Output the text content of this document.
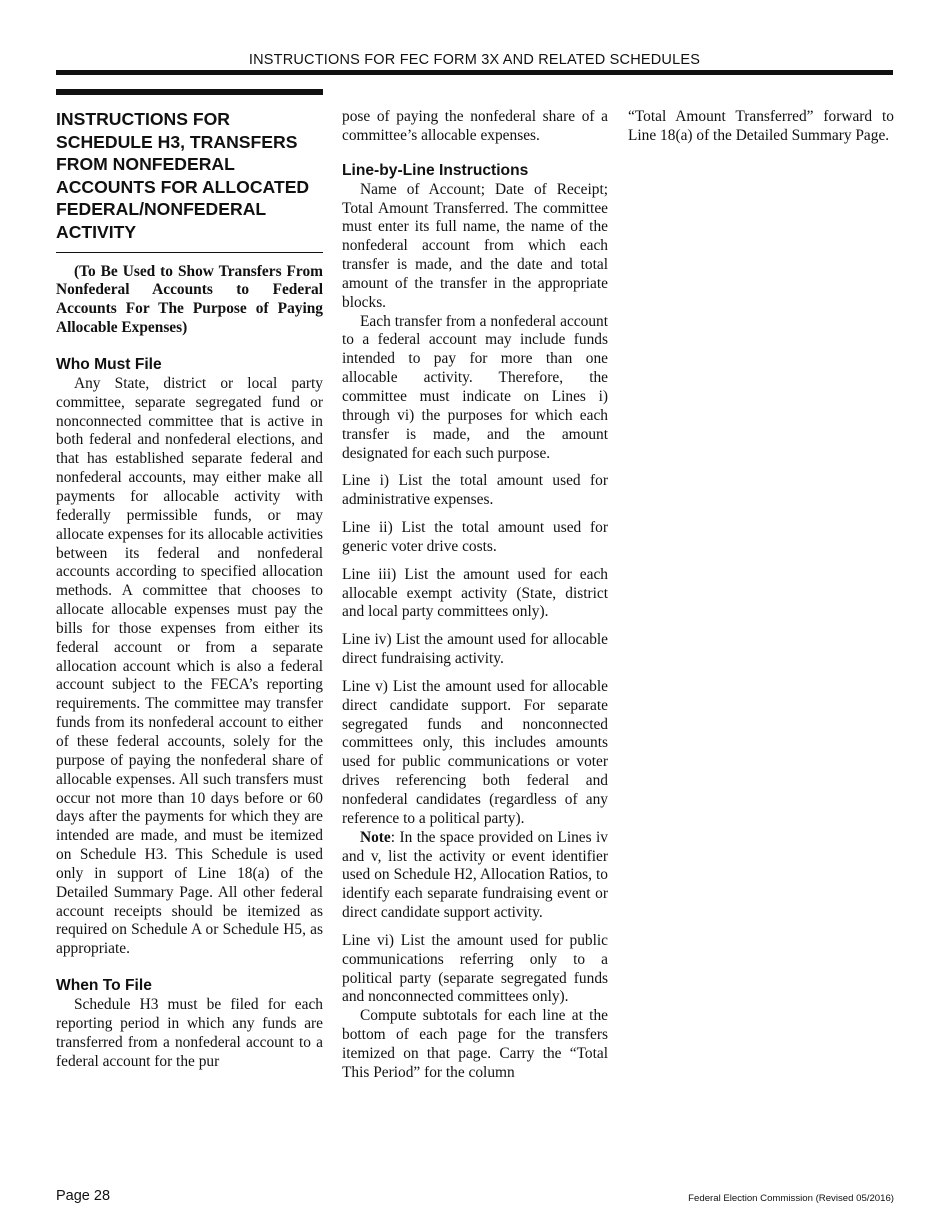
INSTRUCTIONS FOR FEC FORM 3X AND RELATED SCHEDULES
INSTRUCTIONS FOR SCHEDULE H3, TRANSFERS FROM NONFEDERAL ACCOUNTS FOR ALLOCATED FEDERAL/NONFEDERAL ACTIVITY

(To Be Used to Show Transfers From Nonfederal Accounts to Federal Accounts For The Purpose of Paying Allocable Expenses)

Who Must File

Any State, district or local party committee, separate segregated fund or nonconnected committee that is active in both federal and nonfederal elections, and that has established separate federal and nonfederal accounts, may either make all payments for allocable activity with federally permissible funds, or may allocate expenses for its allocable activities between its federal and nonfederal accounts according to specified allocation methods. A committee that chooses to allocate allocable expenses must pay the bills for those expenses from either its federal account or from a separate allocation account which is also a federal account subject to the FECA’s reporting requirements. The committee may transfer funds from its nonfederal account to either of these federal accounts, solely for the purpose of paying the nonfederal share of allocable expenses. All such transfers must occur not more than 10 days before or 60 days after the payments for which they are intended are made, and must be itemized on Schedule H3. This Schedule is used only in support of Line 18(a) of the Detailed Summary Page. All other federal account receipts should be itemized as required on Schedule A or Schedule H5, as appropriate.

When To File

Schedule H3 must be filed for each reporting period in which any funds are transferred from a nonfederal account to a federal account for the pur

pose of paying the nonfederal share of a committee’s allocable expenses.

Line-by-Line Instructions

Name of Account; Date of Receipt; Total Amount Transferred. The committee must enter its full name, the name of the nonfederal account from which each transfer is made, and the date and total amount of the transfer in the appropriate blocks.

Each transfer from a nonfederal account to a federal account may include funds intended to pay for more than one allocable activity. Therefore, the committee must indicate on Lines i) through vi) the purposes for which each transfer is made, and the amount designated for each such purpose.

Line i) List the total amount used for administrative expenses.

Line ii) List the total amount used for generic voter drive costs.

Line iii) List the amount used for each allocable exempt activity (State, district and local party committees only).

Line iv) List the amount used for allocable direct fundraising activity.

Line v) List the amount used for allocable direct candidate support. For separate segregated funds and nonconnected committees only, this includes amounts used for public communications or voter drives referencing both federal and nonfederal candidates (regardless of any reference to a political party).

Note: In the space provided on Lines iv and v, list the activity or event identifier used on Schedule H2, Allocation Ratios, to identify each separate fundraising event or direct candidate support activity.

Line vi) List the amount used for public communications referring only to a political party (separate segregated funds and nonconnected committees only).

Compute subtotals for each line at the bottom of each page for the transfers itemized on that page. Carry the “Total This Period” for the column

“Total Amount Transferred” forward to Line 18(a) of the Detailed Summary Page.

Page 28	Federal Election Commission (Revised 05/2016)
